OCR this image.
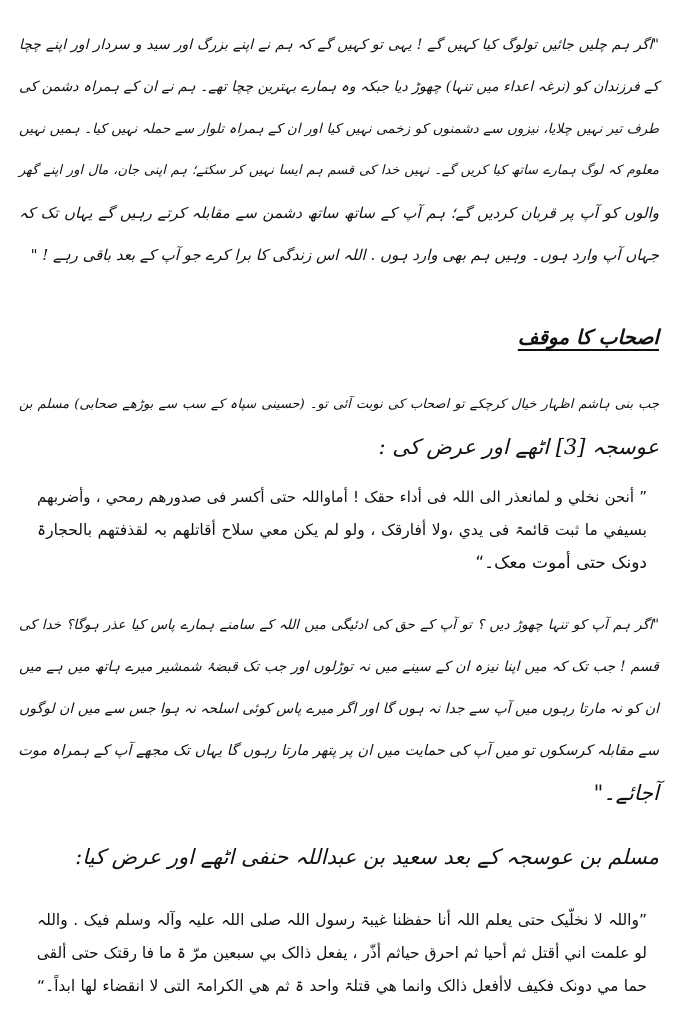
"اگر ہم چلیں جائیں تولوگ کیا کہیں گے ! یہی تو کہیں گے کہ ہم نے اپنے بزرگ اور سید و سردار اور اپنے چچا
کے فرزندان کو (نرغہ اعداء میں تنہا) چھوڑ دیا جبکہ وہ ہمارے بہترین چچا تھے۔ ہم نے ان کے ہمراہ دشمن کی
طرف تیر نہیں چلایا، نیزوں سے دشمنوں کو زخمی نہیں کیا اور ان کے ہمراہ تلوار سے حملہ نہیں کیا۔ ہمیں نہیں
معلوم کہ لوگ ہمارے ساتھ کیا کریں گے۔ نہیں خدا کی قسم ہم ایسا نہیں کر سکتے؛ ہم اپنی جان، مال اور اپنے گھر
والوں کو آپ پر قربان کردیں گے؛ ہم آپ کے ساتھ ساتھ دشمن سے مقابلہ کرتے رہیں گے یہاں تک کہ
جہاں آپ وارد ہوں۔ وہیں ہم بھی وارد ہوں . اللہ اس زندگی کا برا کرے جو آپ کے بعد باقی رہے ! "
اصحاب کا موقف
جب بنی ہاشم اظہار خیال کرچکے تو اصحاب کی نوبت آئی تو۔ (حسینی سپاہ کے سب سے بوڑھے صحابی) مسلم بن
عوسجہ [3] اٹھے اور عرض کی :
” أنحن نخلي و لمانعذر الى اللہ فی أداء حقک ! أماواللہ حتی أکسر فی صدورھم رمحي ، وأضربھم
بسیفي ما ثبت قائمۃ فی یدي ،ولا أفارقک ، ولو لم یکن معي سلاح أقاتلھم بہ لقذفتھم بالحجارۃ
دونک حتی أموت معک۔“
"اگر ہم آپ کو تنہا چھوڑ دیں ؟ تو آپ کے حق کی ادئیگی میں اللہ کے سامنے ہمارے پاس کیا عذر ہوگا؟ خدا کی
قسم ! جب تک کہ میں اپنا نیزہ ان کے سینے میں نہ توڑلوں اور جب تک قبضۂ شمشیر میرے ہاتھ میں ہے میں
ان کو نہ مارتا رہوں میں آپ سے جدا نہ ہوں گا اور اگر میرے پاس کوئی اسلحہ نہ ہوا جس سے میں ان لوگوں
سے مقابلہ کرسکوں تو میں آپ کی حمایت میں ان پر پتھر مارتا رہوں گا یہاں تک مجھے آپ کے ہمراہ موت
آجائے۔"
مسلم بن عوسجہ کے بعد سعید بن عبداللہ حنفی اٹھے اور عرض کیا:
”واللہ لا نخلّیک حتی یعلم اللہ أنا حفظنا غیبۃ رسول اللہ صلی اللہ علیہ وآلہ وسلم فیک . واللہ
لو علمت اني أقتل ثم أحیا ثم احرق حیاثم أذّر ، یفعل ذالک بي سبعین مرّ ۃ ما فا رقتک حتی ألقی
حما مي دونک فکیف لاأفعل ذالک وانما ھي قتلۃ واحد ۃ ثم ھي الکرامۃ التی لا انقضاء لھا ابداً۔“
